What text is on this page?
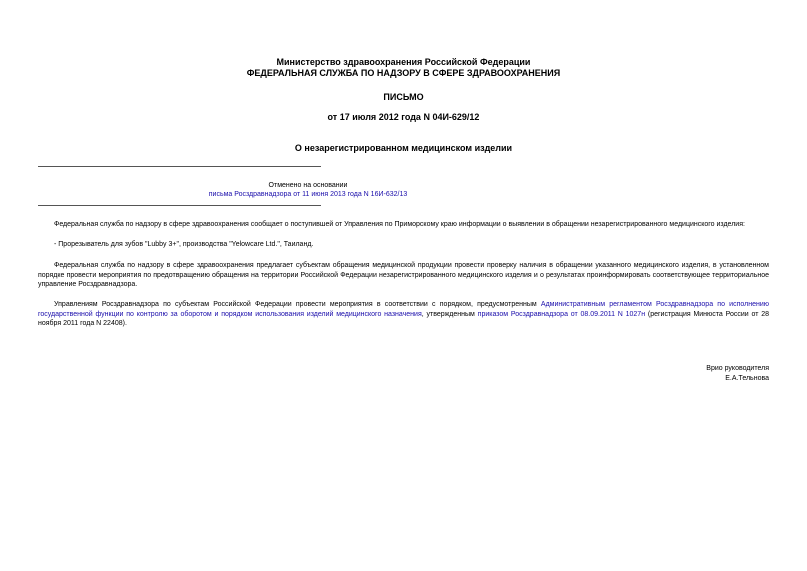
Министерство здравоохранения Российской Федерации
ФЕДЕРАЛЬНАЯ СЛУЖБА ПО НАДЗОРУ В СФЕРЕ ЗДРАВООХРАНЕНИЯ
ПИСЬМО
от 17 июля 2012 года N 04И-629/12
О незарегистрированном медицинском изделии
Отменено на основании
письма Росздравнадзора от 11 июня 2013 года N 16И-632/13
Федеральная служба по надзору в сфере здравоохранения сообщает о поступившей от Управления по Приморскому краю информации о выявлении в обращении незарегистрированного медицинского изделия:
- Прорезыватель для зубов "Lubby 3+", производства "Yelowcare Ltd.", Таиланд.
Федеральная служба по надзору в сфере здравоохранения предлагает субъектам обращения медицинской продукции провести проверку наличия в обращении указанного медицинского изделия, в установленном порядке провести мероприятия по предотвращению обращения на территории Российской Федерации незарегистрированного медицинского изделия и о результатах проинформировать соответствующее территориальное управление Росздравнадзора.
Управлениям Росздравнадзора по субъектам Российской Федерации провести мероприятия в соответствии с порядком, предусмотренным Административным регламентом Росздравнадзора по исполнению государственной функции по контролю за оборотом и порядком использования изделий медицинского назначения, утвержденным приказом Росздравнадзора от 08.09.2011 N 1027н (регистрация Минюста России от 28 ноября 2011 года N 22408).
Врио руководителя
Е.А.Тельнова
